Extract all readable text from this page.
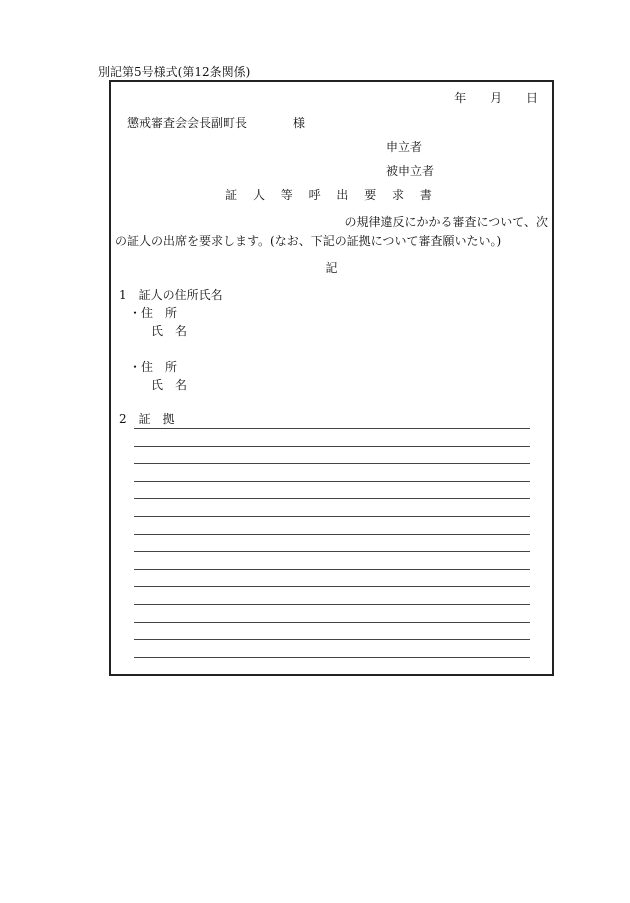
別記第5号様式(第12条関係)
年 月 日
懲戒審査会会長副町長	様
申立者
被申立者
証 人 等 呼 出 要 求 書
の規律違反にかかる審査について、次
の証人の出席を要求します。(なお、下記の証拠について審査願いたい。)
記
1　証人の住所氏名
・住　所
氏　名
・住　所
氏　名
2　証　拠
